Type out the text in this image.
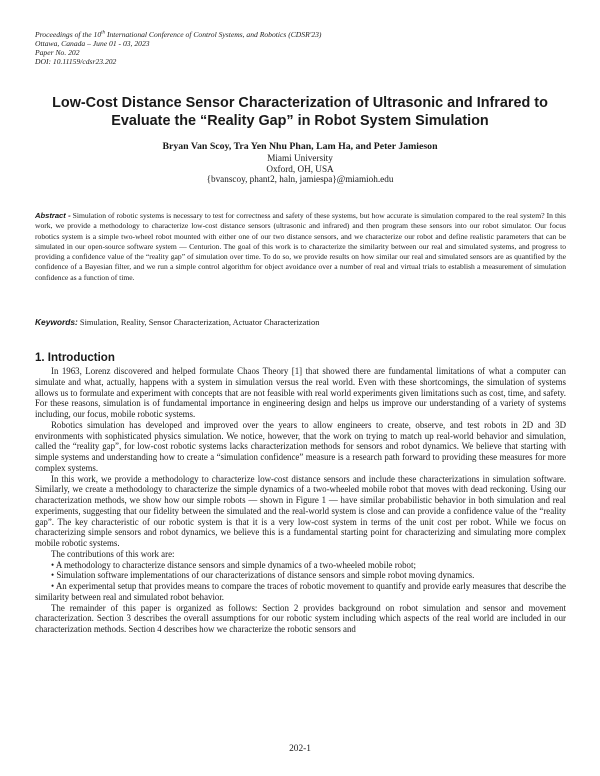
Proceedings of the 10th International Conference of Control Systems, and Robotics (CDSR'23)
Ottawa, Canada – June 01 - 03, 2023
Paper No. 202
DOI: 10.11159/cdsr23.202
Low-Cost Distance Sensor Characterization of Ultrasonic and Infrared to Evaluate the “Reality Gap” in Robot System Simulation
Bryan Van Scoy, Tra Yen Nhu Phan, Lam Ha, and Peter Jamieson
Miami University
Oxford, OH, USA
{bvanscoy, phant2, haln, jamiespa}@miamioh.edu
Abstract - Simulation of robotic systems is necessary to test for correctness and safety of these systems, but how accurate is simulation compared to the real system? In this work, we provide a methodology to characterize low-cost distance sensors (ultrasonic and infrared) and then program these sensors into our robot simulator. Our focus robotics system is a simple two-wheel robot mounted with either one of our two distance sensors, and we characterize our robot and define realistic parameters that can be simulated in our open-source software system — Centurion. The goal of this work is to characterize the similarity between our real and simulated systems, and progress to providing a confidence value of the “reality gap” of simulation over time. To do so, we provide results on how similar our real and simulated sensors are as quantified by the confidence of a Bayesian filter, and we run a simple control algorithm for object avoidance over a number of real and virtual trials to establish a measurement of simulation confidence as a function of time.
Keywords: Simulation, Reality, Sensor Characterization, Actuator Characterization
1. Introduction

In 1963, Lorenz discovered and helped formulate Chaos Theory [1] that showed there are fundamental limitations of what a computer can simulate and what, actually, happens with a system in simulation versus the real world. Even with these shortcomings, the simulation of systems allows us to formulate and experiment with concepts that are not feasible with real world experiments given limitations such as cost, time, and safety. For these reasons, simulation is of fundamental importance in engineering design and helps us improve our understanding of a variety of systems including, our focus, mobile robotic systems.

Robotics simulation has developed and improved over the years to allow engineers to create, observe, and test robots in 2D and 3D environments with sophisticated physics simulation. We notice, however, that the work on trying to match up real-world behavior and simulation, called the “reality gap”, for low-cost robotic systems lacks characterization methods for sensors and robot dynamics. We believe that starting with simple systems and understanding how to create a “simulation confidence” measure is a research path forward to providing these measures for more complex systems.

In this work, we provide a methodology to characterize low-cost distance sensors and include these characterizations in simulation software. Similarly, we create a methodology to characterize the simple dynamics of a two-wheeled mobile robot that moves with dead reckoning. Using our characterization methods, we show how our simple robots — shown in Figure 1 — have similar probabilistic behavior in both simulation and real experiments, suggesting that our fidelity between the simulated and the real-world system is close and can provide a confidence value of the “reality gap”. The key characteristic of our robotic system is that it is a very low-cost system in terms of the unit cost per robot. While we focus on characterizing simple sensors and robot dynamics, we believe this is a fundamental starting point for characterizing and simulating more complex mobile robotic systems.

The contributions of this work are:

• A methodology to characterize distance sensors and simple dynamics of a two-wheeled mobile robot;

• Simulation software implementations of our characterizations of distance sensors and simple robot moving dynamics.

• An experimental setup that provides means to compare the traces of robotic movement to quantify and provide early measures that describe the similarity between real and simulated robot behavior.

The remainder of this paper is organized as follows: Section 2 provides background on robot simulation and sensor and movement characterization. Section 3 describes the overall assumptions for our robotic system including which aspects of the real world are included in our characterization methods. Section 4 describes how we characterize the robotic sensors and

202-1
